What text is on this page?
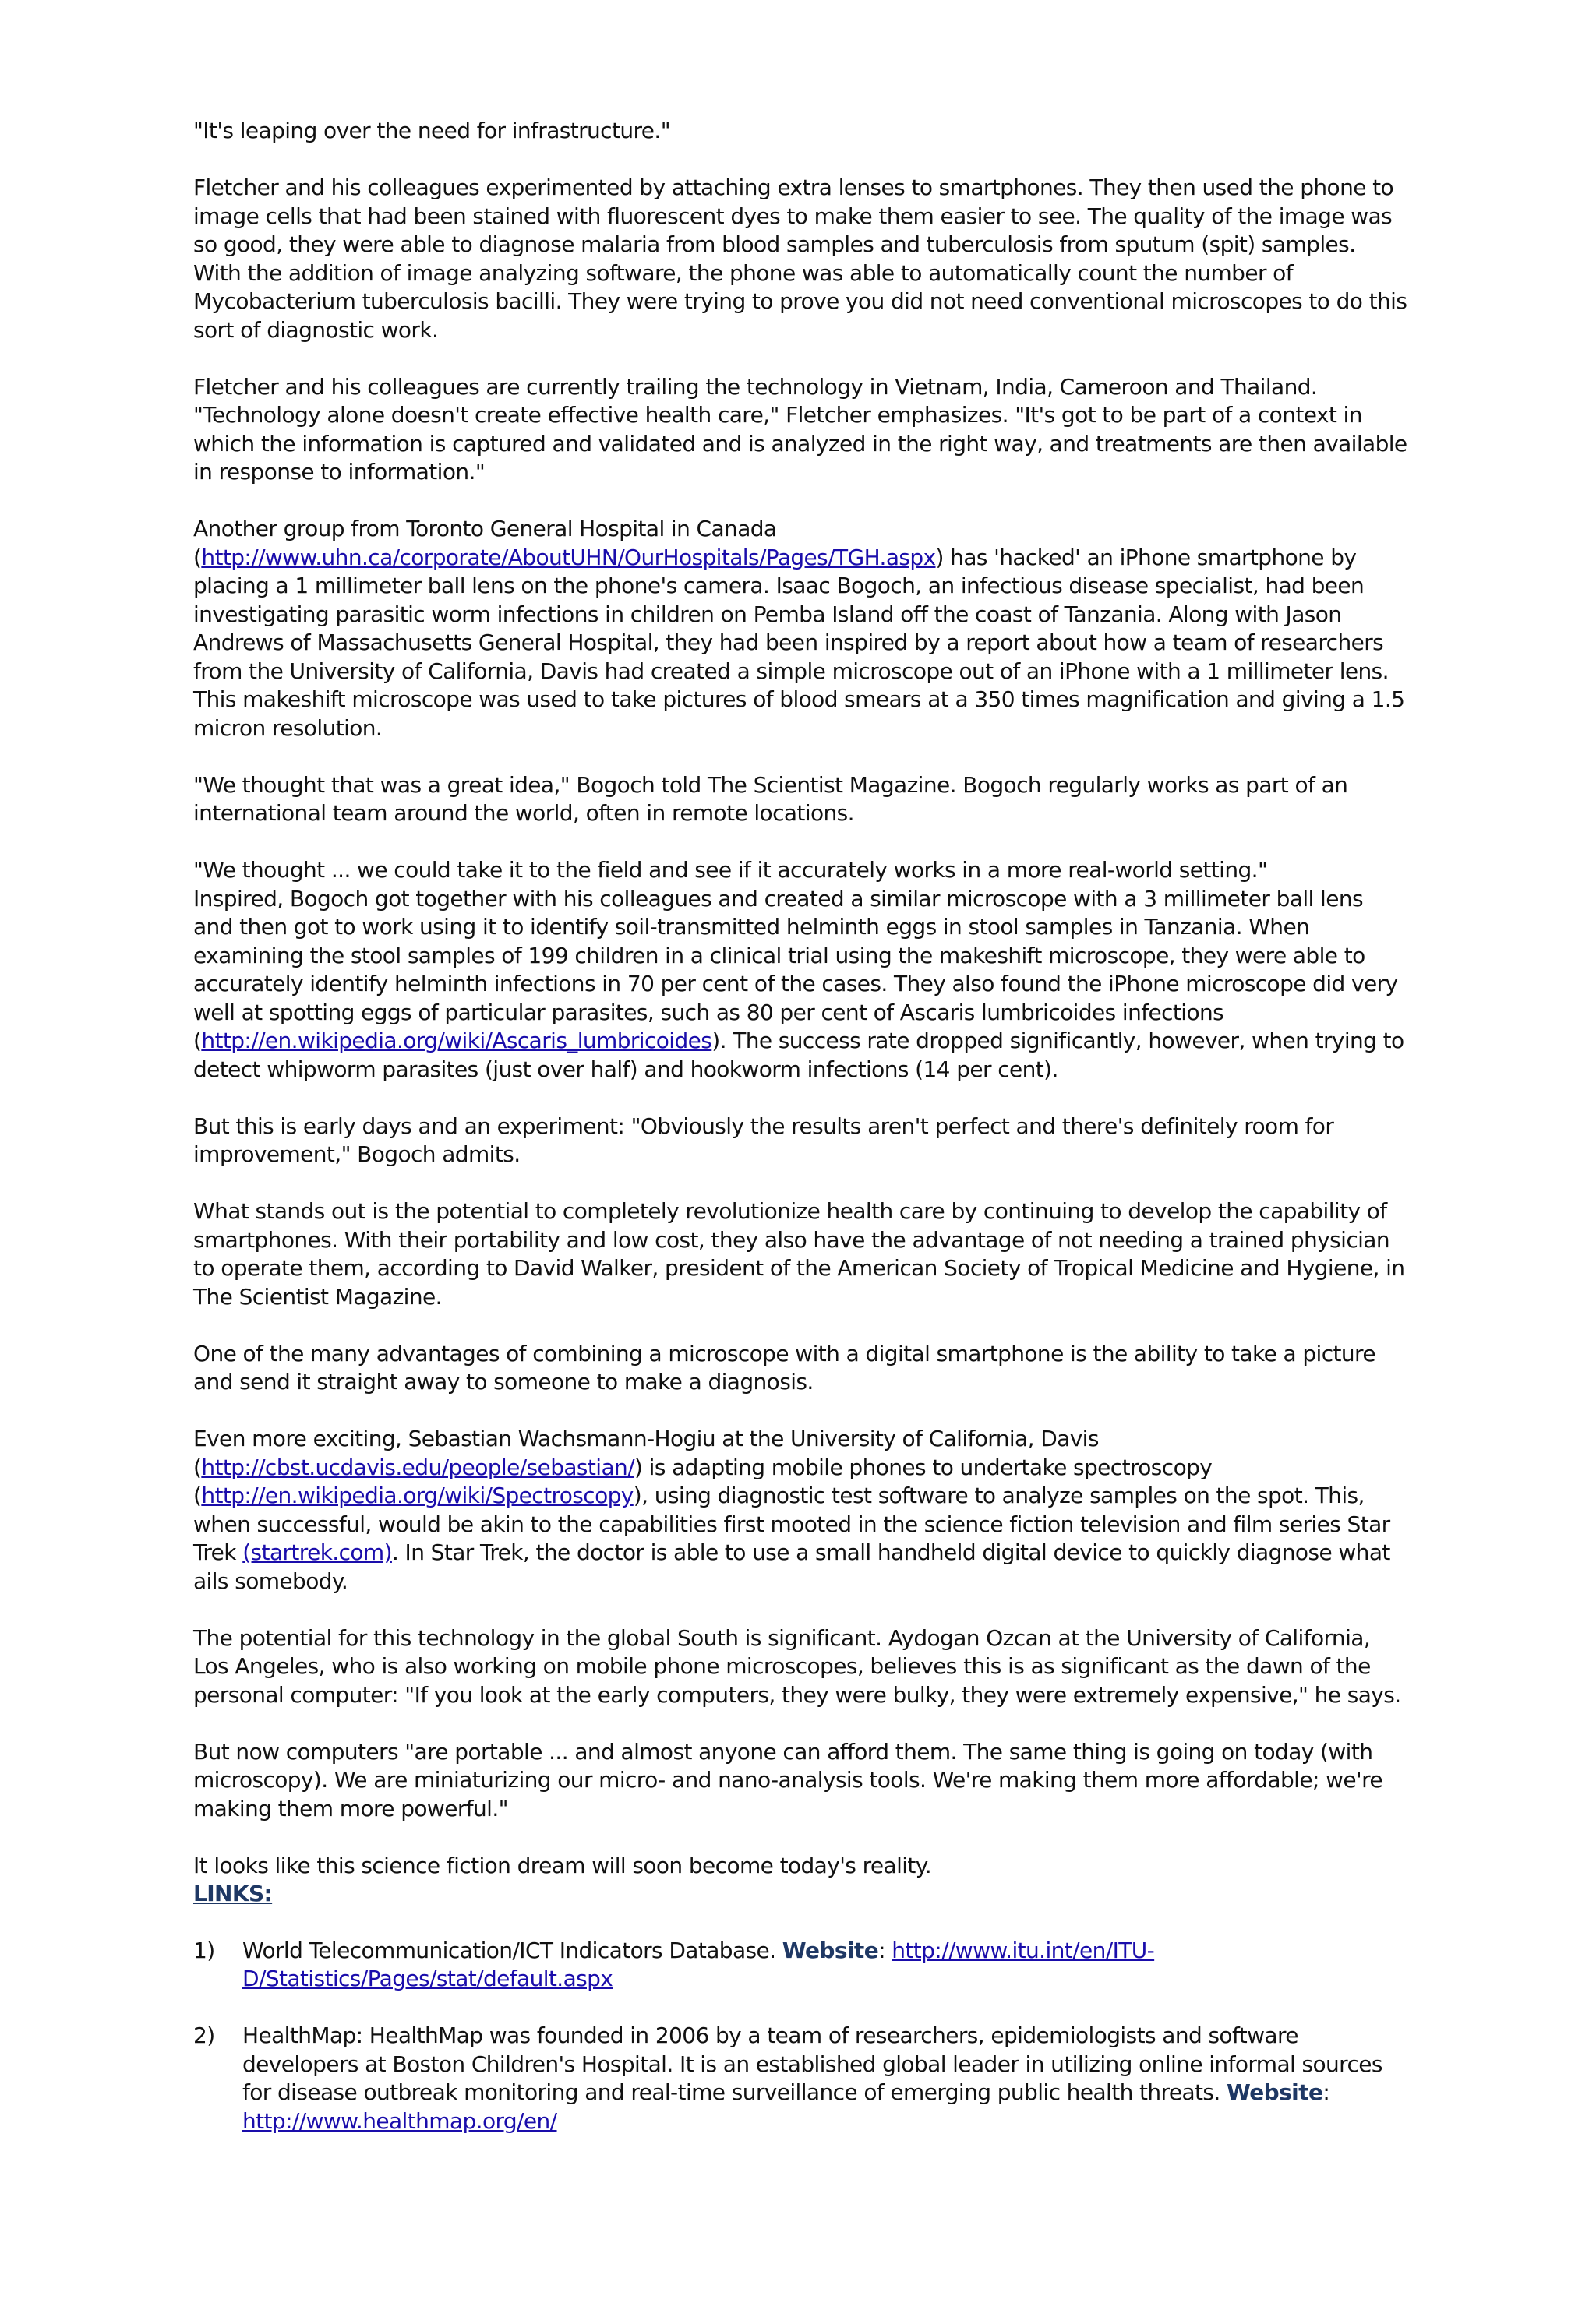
"It's leaping over the need for infrastructure."

Fletcher and his colleagues experimented by attaching extra lenses to smartphones. They then used the phone to image cells that had been stained with fluorescent dyes to make them easier to see. The quality of the image was so good, they were able to diagnose malaria from blood samples and tuberculosis from sputum (spit) samples. With the addition of image analyzing software, the phone was able to automatically count the number of Mycobacterium tuberculosis bacilli. They were trying to prove you did not need conventional microscopes to do this sort of diagnostic work.

Fletcher and his colleagues are currently trailing the technology in Vietnam, India, Cameroon and Thailand. "Technology alone doesn't create effective health care," Fletcher emphasizes. "It's got to be part of a context in which the information is captured and validated and is analyzed in the right way, and treatments are then available in response to information."

Another group from Toronto General Hospital in Canada (http://www.uhn.ca/corporate/AboutUHN/OurHospitals/Pages/TGH.aspx) has 'hacked' an iPhone smartphone by placing a 1 millimeter ball lens on the phone's camera. Isaac Bogoch, an infectious disease specialist, had been investigating parasitic worm infections in children on Pemba Island off the coast of Tanzania. Along with Jason Andrews of Massachusetts General Hospital, they had been inspired by a report about how a team of researchers from the University of California, Davis had created a simple microscope out of an iPhone with a 1 millimeter lens. This makeshift microscope was used to take pictures of blood smears at a 350 times magnification and giving a 1.5 micron resolution.

"We thought that was a great idea," Bogoch told The Scientist Magazine. Bogoch regularly works as part of an international team around the world, often in remote locations.

"We thought ... we could take it to the field and see if it accurately works in a more real-world setting."
Inspired, Bogoch got together with his colleagues and created a similar microscope with a 3 millimeter ball lens and then got to work using it to identify soil-transmitted helminth eggs in stool samples in Tanzania. When examining the stool samples of 199 children in a clinical trial using the makeshift microscope, they were able to accurately identify helminth infections in 70 per cent of the cases. They also found the iPhone microscope did very well at spotting eggs of particular parasites, such as 80 per cent of Ascaris lumbricoides infections (http://en.wikipedia.org/wiki/Ascaris_lumbricoides). The success rate dropped significantly, however, when trying to detect whipworm parasites (just over half) and hookworm infections (14 per cent).

But this is early days and an experiment: "Obviously the results aren't perfect and there's definitely room for improvement," Bogoch admits.

What stands out is the potential to completely revolutionize health care by continuing to develop the capability of smartphones. With their portability and low cost, they also have the advantage of not needing a trained physician to operate them, according to David Walker, president of the American Society of Tropical Medicine and Hygiene, in The Scientist Magazine.

One of the many advantages of combining a microscope with a digital smartphone is the ability to take a picture and send it straight away to someone to make a diagnosis.

Even more exciting, Sebastian Wachsmann-Hogiu at the University of California, Davis (http://cbst.ucdavis.edu/people/sebastian/) is adapting mobile phones to undertake spectroscopy (http://en.wikipedia.org/wiki/Spectroscopy), using diagnostic test software to analyze samples on the spot. This, when successful, would be akin to the capabilities first mooted in the science fiction television and film series Star Trek (startrek.com). In Star Trek, the doctor is able to use a small handheld digital device to quickly diagnose what ails somebody.

The potential for this technology in the global South is significant. Aydogan Ozcan at the University of California, Los Angeles, who is also working on mobile phone microscopes, believes this is as significant as the dawn of the personal computer: "If you look at the early computers, they were bulky, they were extremely expensive," he says.

But now computers "are portable ... and almost anyone can afford them. The same thing is going on today (with microscopy). We are miniaturizing our micro- and nano-analysis tools. We're making them more affordable; we're making them more powerful."

It looks like this science fiction dream will soon become today's reality.

LINKS:
1) World Telecommunication/ICT Indicators Database. Website: http://www.itu.int/en/ITU-D/Statistics/Pages/stat/default.aspx
2) HealthMap: HealthMap was founded in 2006 by a team of researchers, epidemiologists and software developers at Boston Children's Hospital. It is an established global leader in utilizing online informal sources for disease outbreak monitoring and real-time surveillance of emerging public health threats. Website:
http://www.healthmap.org/en/
